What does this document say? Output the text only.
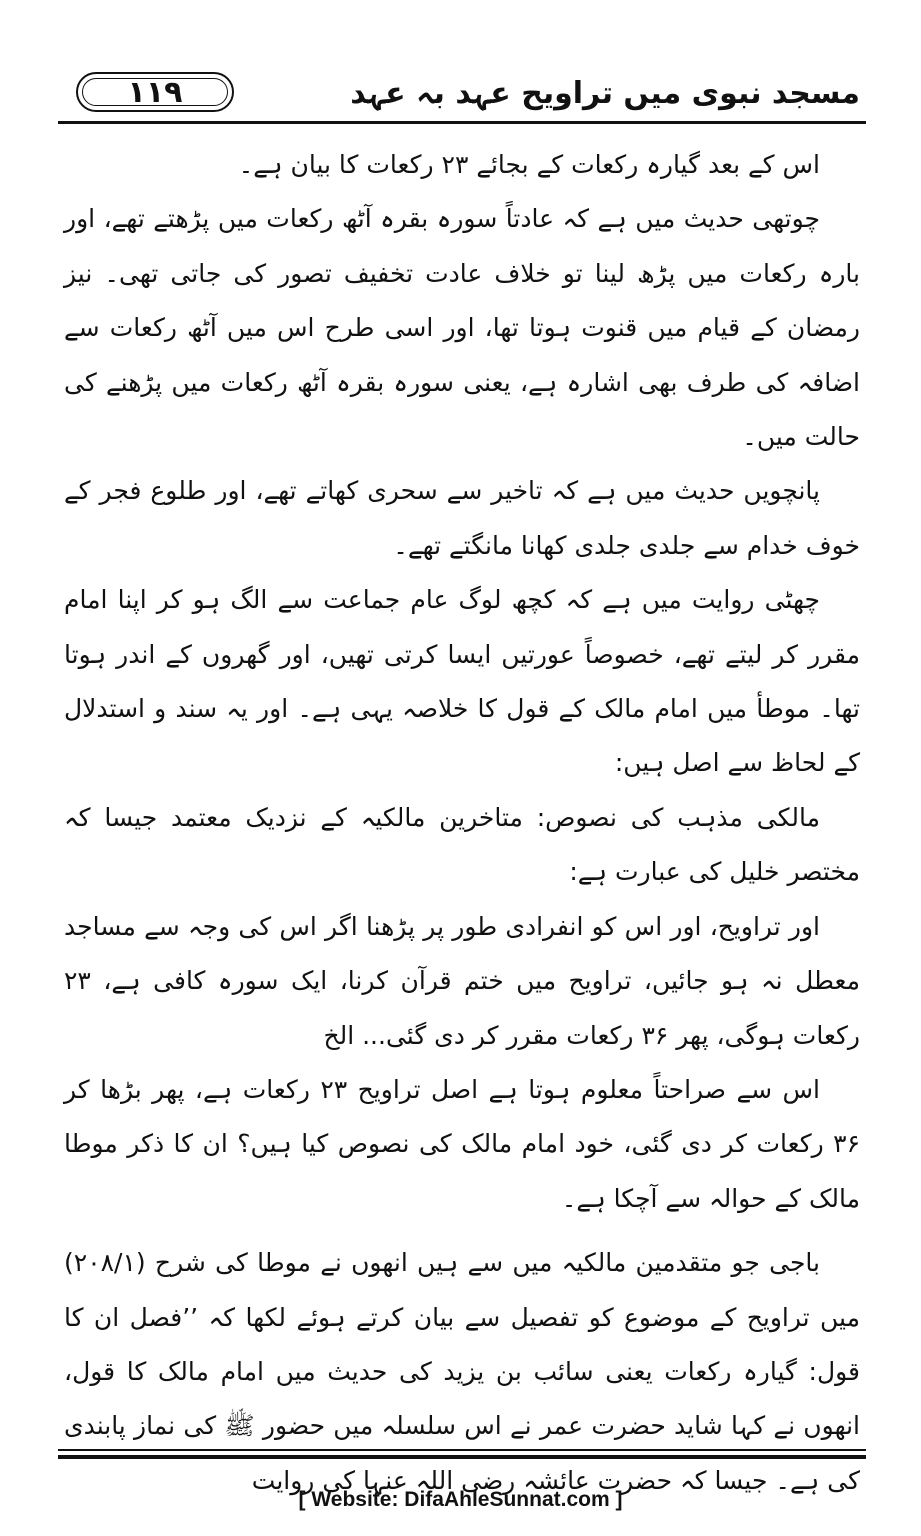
۱۱۹	مسجد نبوی میں تراویح عہد بہ عہد

اس کے بعد گیارہ رکعات کے بجائے ۲۳ رکعات کا بیان ہے۔

چوتھی حدیث میں ہے کہ عادتاً سورہ بقرہ آٹھ رکعات میں پڑھتے تھے، اور بارہ رکعات میں پڑھ لینا تو خلاف عادت تخفیف تصور کی جاتی تھی۔ نیز رمضان کے قیام میں قنوت ہوتا تھا، اور اسی طرح اس میں آٹھ رکعات سے اضافہ کی طرف بھی اشارہ ہے، یعنی سورہ بقرہ آٹھ رکعات میں پڑھنے کی حالت میں۔

پانچویں حدیث میں ہے کہ تاخیر سے سحری کھاتے تھے، اور طلوع فجر کے خوف خدام سے جلدی جلدی کھانا مانگتے تھے۔

چھٹی روایت میں ہے کہ کچھ لوگ عام جماعت سے الگ ہو کر اپنا امام مقرر کر لیتے تھے، خصوصاً عورتیں ایسا کرتی تھیں، اور گھروں کے اندر ہوتا تھا۔ موطأ میں امام مالک کے قول کا خلاصہ یہی ہے۔ اور یہ سند و استدلال کے لحاظ سے اصل ہیں:

مالکی مذہب کی نصوص: متاخرین مالکیہ کے نزدیک معتمد جیسا کہ مختصر خلیل کی عبارت ہے:

اور تراویح، اور اس کو انفرادی طور پر پڑھنا اگر اس کی وجہ سے مساجد معطل نہ ہو جائیں، تراویح میں ختم قرآن کرنا، ایک سورہ کافی ہے، ۲۳ رکعات ہوگی، پھر ۳۶ رکعات مقرر کر دی گئی... الخ

اس سے صراحتاً معلوم ہوتا ہے اصل تراویح ۲۳ رکعات ہے، پھر بڑھا کر ۳۶ رکعات کر دی گئی، خود امام مالک کی نصوص کیا ہیں؟ ان کا ذکر موطا مالک کے حوالہ سے آچکا ہے۔

باجی جو متقدمین مالکیہ میں سے ہیں انھوں نے موطا کی شرح (۲۰۸/۱) میں تراویح کے موضوع کو تفصیل سے بیان کرتے ہوئے لکھا کہ ’’فصل ان کا قول: گیارہ رکعات یعنی سائب بن یزید کی حدیث میں امام مالک کا قول، انھوں نے کہا شاید حضرت عمر نے اس سلسلہ میں حضور ﷺ کی نماز پابندی کی ہے۔ جیسا کہ حضرت عائشہ رضی اللہ عنہا کی روایت

[ Website: DifaAhleSunnat.com ]
